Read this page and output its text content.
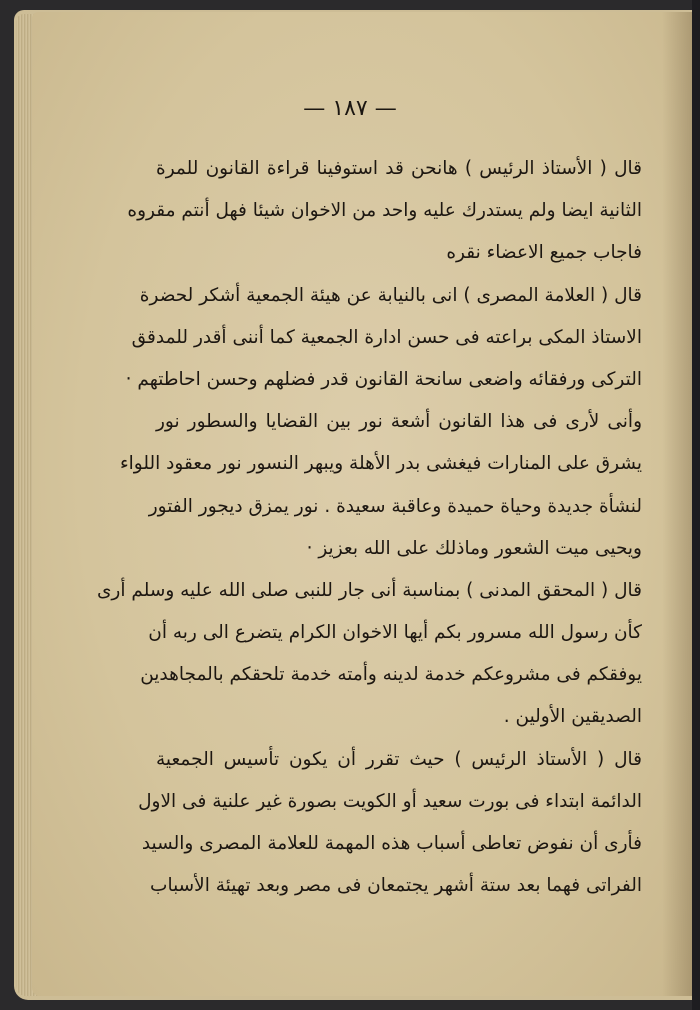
— ١٨٧ —
قال ( الأستاذ الرئيس ) هانحن قد استوفينا قراءة القانون للمرة
الثانية ايضا ولم يستدرك عليه واحد من الاخوان شيئا فهل أنتم مقروه
فاجاب جميع الاعضاء نقره
قال ( العلامة المصرى ) انى بالنيابة عن هيئة الجمعية أشكر لحضرة
الاستاذ المكى براعته فى حسن ادارة الجمعية كما أننى أقدر للمدقق
التركى ورفقائه واضعى سانحة القانون قدر فضلهم وحسن احاطتهم ·
وأنى لأرى فى هذا القانون أشعة نور بين القضايا والسطور نور
يشرق على المنارات فيغشى بدر الأهلة ويبهر النسور نور معقود اللواء
لنشأة جديدة وحياة حميدة وعاقبة سعيدة . نور يمزق ديجور الفتور
ويحيى ميت الشعور وماذلك على الله بعزيز ·
قال ( المحقق المدنى ) بمناسبة أنى جار للنبى صلى الله عليه وسلم أرى
كأن رسول الله مسرور بكم أيها الاخوان الكرام يتضرع الى ربه أن
يوفقكم فى مشروعكم خدمة لدينه وأمته خدمة تلحقكم بالمجاهدين
الصديقين الأولين .
قال ( الأستاذ الرئيس ) حيث تقرر أن يكون تأسيس الجمعية
الدائمة ابتداء فى بورت سعيد أو الكويت بصورة غير علنية فى الاول
فأرى أن نفوض تعاطى أسباب هذه المهمة للعلامة المصرى والسيد
الفراتى فهما بعد ستة أشهر يجتمعان فى مصر وبعد تهيئة الأسباب
